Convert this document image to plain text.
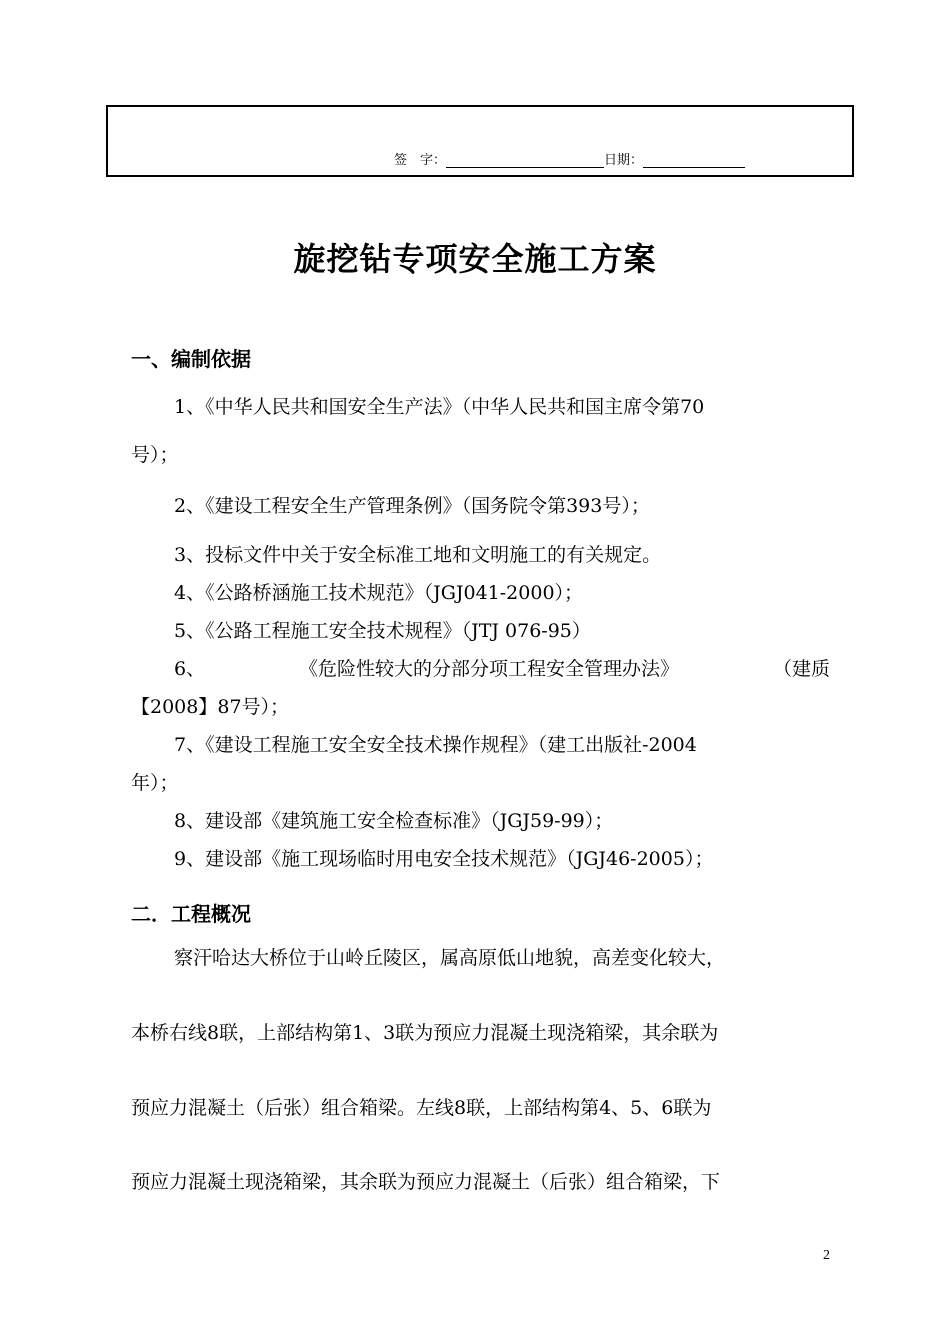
签　字：	日期：
旋挖钻专项安全施工方案
一、编制依据
1、《中华人民共和国安全生产法》（中华人民共和国主席令第70
号）；
2、《建设工程安全生产管理条例》（国务院令第393号）；
3、投标文件中关于安全标准工地和文明施工的有关规定。
4、《公路桥涵施工技术规范》（JGJ041-2000）；
5、《公路工程施工安全技术规程》（JTJ 076-95）
6、	《危险性较大的分部分项工程安全管理办法》	（建质
【2008】87号）；
7、《建设工程施工安全安全技术操作规程》（建工出版社-2004
年）；
8、建设部《建筑施工安全检查标准》（JGJ59-99）；
9、建设部《施工现场临时用电安全技术规范》（JGJ46-2005）；
二．工程概况
察汗哈达大桥位于山岭丘陵区，属高原低山地貌，高差变化较大，
本桥右线8联，上部结构第1、3联为预应力混凝土现浇箱梁，其余联为
预应力混凝土（后张）组合箱梁。左线8联，上部结构第4、5、6联为
预应力混凝土现浇箱梁，其余联为预应力混凝土（后张）组合箱梁，下
2
